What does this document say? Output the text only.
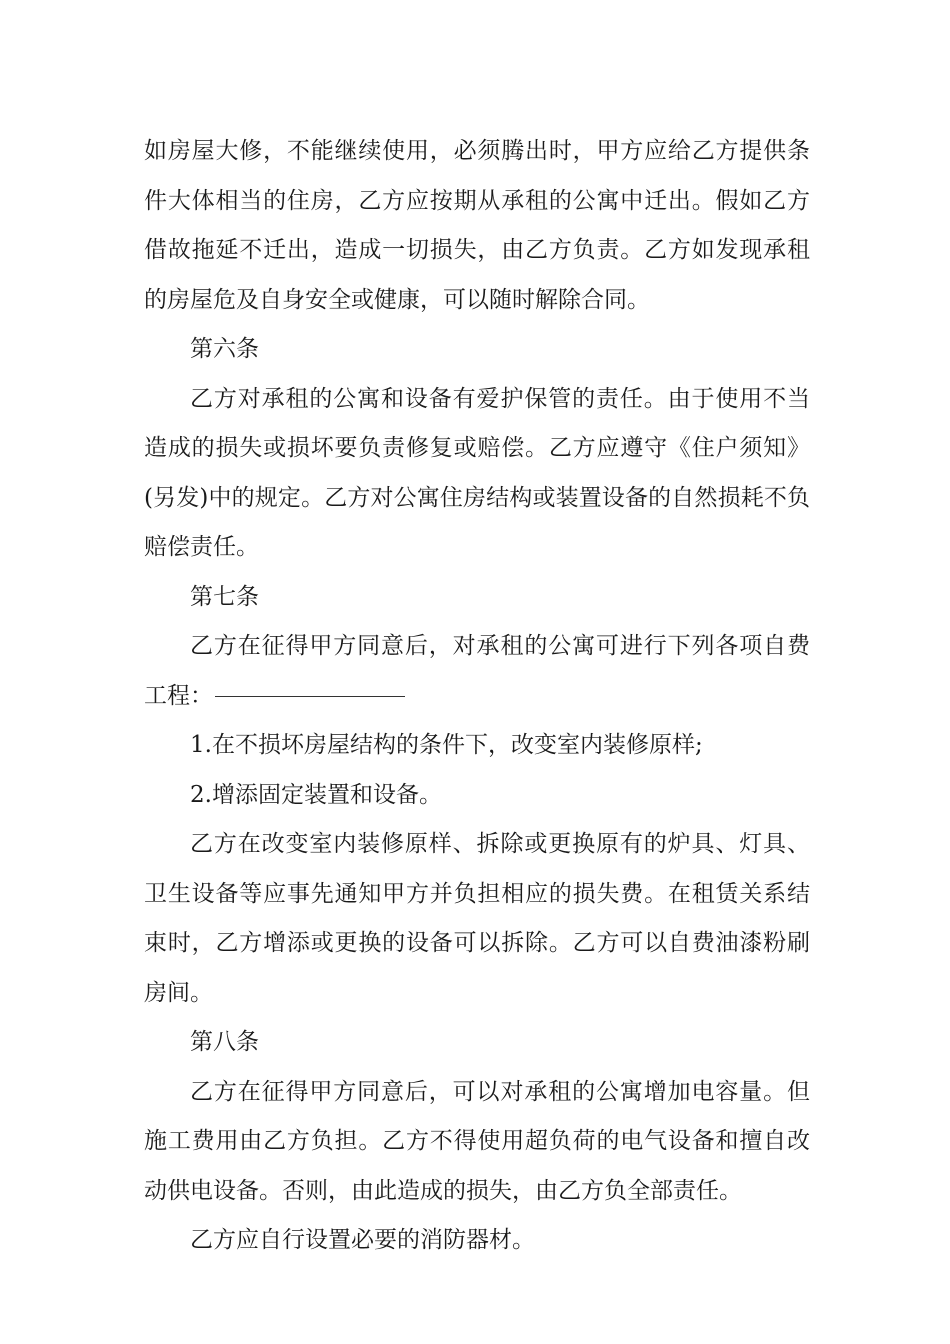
如房屋大修，不能继续使用，必须腾出时，甲方应给乙方提供条件大体相当的住房，乙方应按期从承租的公寓中迁出。假如乙方借故拖延不迁出，造成一切损失，由乙方负责。乙方如发现承租的房屋危及自身安全或健康，可以随时解除合同。

第六条

乙方对承租的公寓和设备有爱护保管的责任。由于使用不当造成的损失或损坏要负责修复或赔偿。乙方应遵守《住户须知》(另发)中的规定。乙方对公寓住房结构或装置设备的自然损耗不负赔偿责任。

第七条

乙方在征得甲方同意后，对承租的公寓可进行下列各项自费工程：

1.在不损坏房屋结构的条件下，改变室内装修原样;

2.增添固定装置和设备。

乙方在改变室内装修原样、拆除或更换原有的炉具、灯具、卫生设备等应事先通知甲方并负担相应的损失费。在租赁关系结束时，乙方增添或更换的设备可以拆除。乙方可以自费油漆粉刷房间。

第八条

乙方在征得甲方同意后，可以对承租的公寓增加电容量。但施工费用由乙方负担。乙方不得使用超负荷的电气设备和擅自改动供电设备。否则，由此造成的损失，由乙方负全部责任。

乙方应自行设置必要的消防器材。
